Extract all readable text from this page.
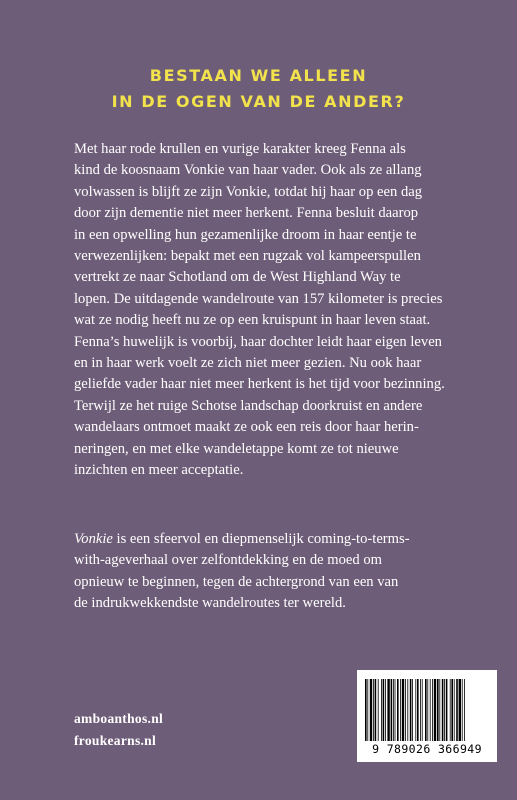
BESTAAN WE ALLEEN
IN DE OGEN VAN DE ANDER?
Met haar rode krullen en vurige karakter kreeg Fenna als
kind de koosnaam Vonkie van haar vader. Ook als ze allang
volwassen is blijft ze zijn Vonkie, totdat hij haar op een dag
door zijn dementie niet meer herkent. Fenna besluit daarop
in een opwelling hun gezamenlijke droom in haar eentje te
verwezenlijken: bepakt met een rugzak vol kampeerspullen
vertrekt ze naar Schotland om de West Highland Way te
lopen. De uitdagende wandelroute van 157 kilometer is precies
wat ze nodig heeft nu ze op een kruispunt in haar leven staat.
Fenna’s huwelijk is voorbij, haar dochter leidt haar eigen leven
en in haar werk voelt ze zich niet meer gezien. Nu ook haar
geliefde vader haar niet meer herkent is het tijd voor bezinning.
Terwijl ze het ruige Schotse landschap doorkruist en andere
wandelaars ontmoet maakt ze ook een reis door haar herin-
neringen, en met elke wandeletappe komt ze tot nieuwe
inzichten en meer acceptatie.
Vonkie is een sfeervol en diepmenselijk coming-to-terms-
with-ageverhaal over zelfontdekking en de moed om
opnieuw te beginnen, tegen de achtergrond van een van
de indrukwekkendste wandelroutes ter wereld.
amboanthos.nl
froukearns.nl
9 789026 366949
